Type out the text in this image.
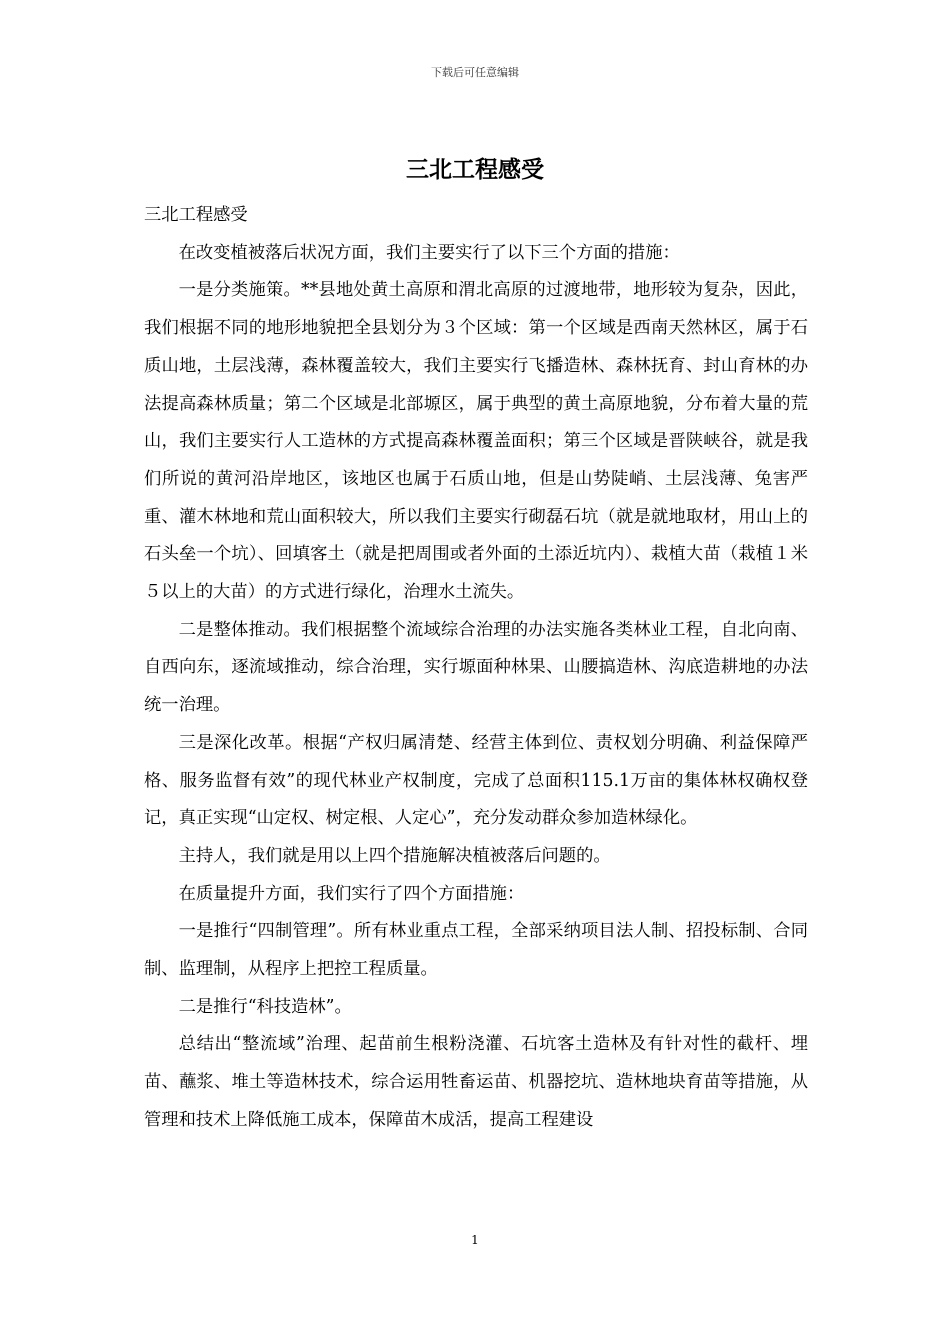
下载后可任意编辑
三北工程感受

三北工程感受

在改变植被落后状况方面，我们主要实行了以下三个方面的措施：

一是分类施策。**县地处黄土高原和渭北高原的过渡地带，地形较为复杂，因此，我们根据不同的地形地貌把全县划分为３个区域：第一个区域是西南天然林区，属于石质山地，土层浅薄，森林覆盖较大，我们主要实行飞播造林、森林抚育、封山育林的办法提高森林质量；第二个区域是北部塬区，属于典型的黄土高原地貌，分布着大量的荒山，我们主要实行人工造林的方式提高森林覆盖面积；第三个区域是晋陕峡谷，就是我们所说的黄河沿岸地区，该地区也属于石质山地，但是山势陡峭、土层浅薄、兔害严重、灌木林地和荒山面积较大，所以我们主要实行砌磊石坑（就是就地取材，用山上的石头垒一个坑）、回填客土（就是把周围或者外面的土添近坑内）、栽植大苗（栽植１米５以上的大苗）的方式进行绿化，治理水土流失。

二是整体推动。我们根据整个流域综合治理的办法实施各类林业工程，自北向南、自西向东，逐流域推动，综合治理，实行塬面种林果、山腰搞造林、沟底造耕地的办法统一治理。

三是深化改革。根据“产权归属清楚、经营主体到位、责权划分明确、利益保障严格、服务监督有效”的现代林业产权制度，完成了总面积115.1万亩的集体林权确权登记，真正实现“山定权、树定根、人定心”，充分发动群众参加造林绿化。

主持人，我们就是用以上四个措施解决植被落后问题的。

在质量提升方面，我们实行了四个方面措施：

一是推行“四制管理”。所有林业重点工程，全部采纳项目法人制、招投标制、合同制、监理制，从程序上把控工程质量。

二是推行“科技造林”。

总结出“整流域”治理、起苗前生根粉浇灌、石坑客土造林及有针对性的截杆、埋苗、蘸浆、堆土等造林技术，综合运用牲畜运苗、机器挖坑、造林地块育苗等措施，从管理和技术上降低施工成本，保障苗木成活，提高工程建设

1
